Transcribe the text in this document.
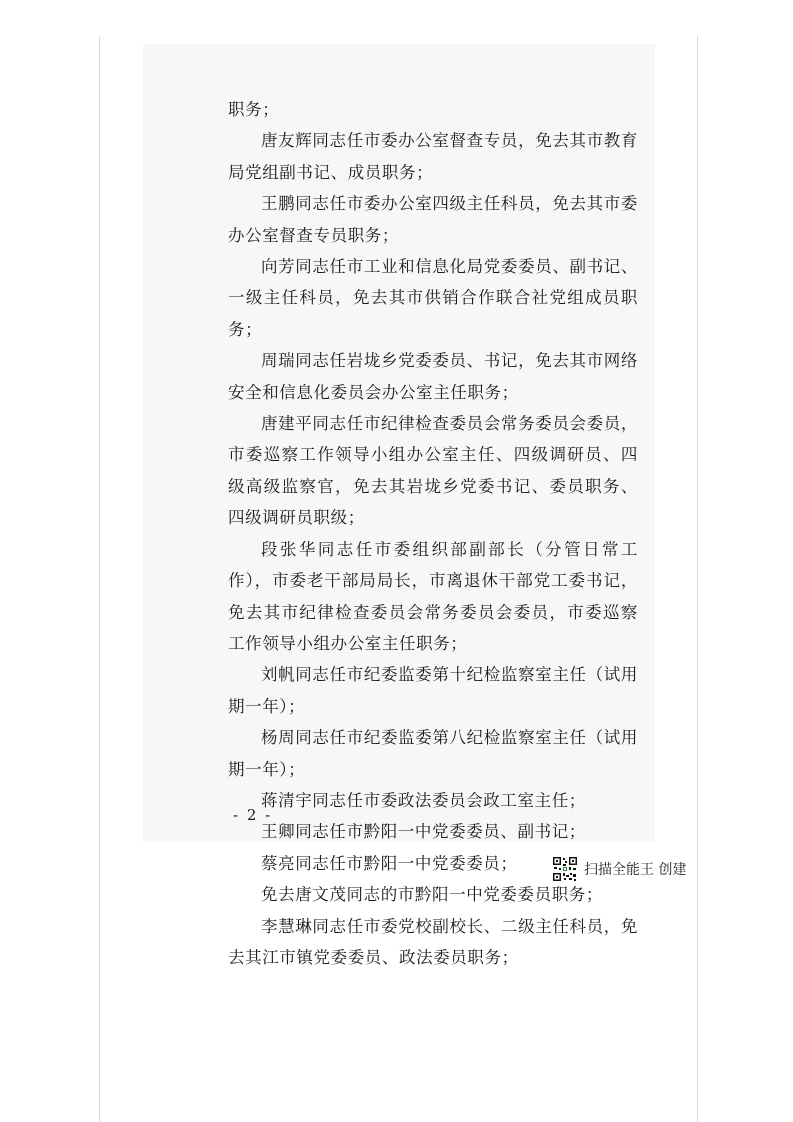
职务；

唐友辉同志任市委办公室督查专员，免去其市教育局党组副书记、成员职务；

王鹏同志任市委办公室四级主任科员，免去其市委办公室督查专员职务；

向芳同志任市工业和信息化局党委委员、副书记、一级主任科员，免去其市供销合作联合社党组成员职务；

周瑞同志任岩垅乡党委委员、书记，免去其市网络安全和信息化委员会办公室主任职务；

唐建平同志任市纪律检查委员会常务委员会委员，市委巡察工作领导小组办公室主任、四级调研员、四级高级监察官，免去其岩垅乡党委书记、委员职务、四级调研员职级；

段张华同志任市委组织部副部长（分管日常工作），市委老干部局局长，市离退休干部党工委书记，免去其市纪律检查委员会常务委员会委员，市委巡察工作领导小组办公室主任职务；

刘帆同志任市纪委监委第十纪检监察室主任（试用期一年）；

杨周同志任市纪委监委第八纪检监察室主任（试用期一年）；

蒋清宇同志任市委政法委员会政工室主任；

王卿同志任市黔阳一中党委委员、副书记；

蔡亮同志任市黔阳一中党委委员；

免去唐文茂同志的市黔阳一中党委委员职务；

李慧琳同志任市委党校副校长、二级主任科员，免去其江市镇党委委员、政法委员职务；

- 2 -
扫描全能王 创建
